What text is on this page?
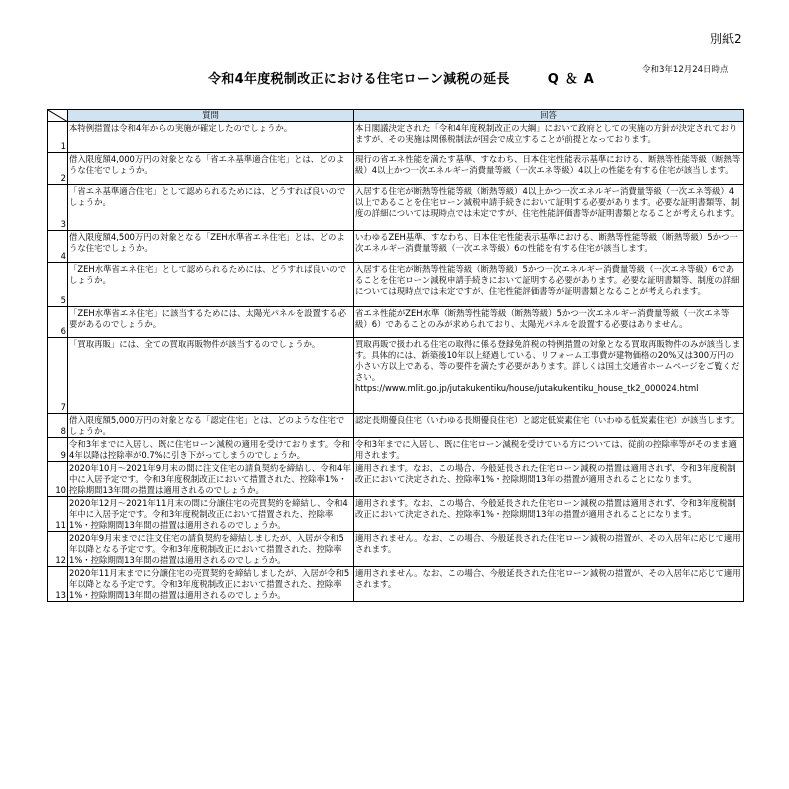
別紙2
令和3年12月24日時点
令和4年度税制改正における住宅ローン減税の延長	Q＆A
	質問	回答
1	本特例措置は令和4年からの実施が確定したのでしょうか。	本日閣議決定された「令和4年度税制改正の大綱」において政府としての実施の方針が決定されておりますが、その実施は関係税制法が国会で成立することが前提となっております。
2	借入限度額4,000万円の対象となる「省エネ基準適合住宅」とは、どのような住宅でしょうか。	現行の省エネ性能を満たす基準、すなわち、日本住宅性能表示基準における、断熱等性能等級（断熱等級）4以上かつ一次エネルギー消費量等級（一次エネ等級）4以上の性能を有する住宅が該当します。
3	「省エネ基準適合住宅」として認められるためには、どうすれば良いのでしょうか。	入居する住宅が断熱等性能等級（断熱等級）4以上かつ一次エネルギー消費量等級（一次エネ等級）4以上であることを住宅ローン減税申請手続きにおいて証明する必要があります。必要な証明書類等、制度の詳細については現時点では未定ですが、住宅性能評価書等が証明書類となることが考えられます。
4	借入限度額4,500万円の対象となる「ZEH水準省エネ住宅」とは、どのような住宅でしょうか。	いわゆるZEH基準、すなわち、日本住宅性能表示基準における、断熱等性能等級（断熱等級）5かつ一次エネルギー消費量等級（一次エネ等級）6の性能を有する住宅が該当します。
5	「ZEH水準省エネ住宅」として認められるためには、どうすれば良いのでしょうか。	入居する住宅が断熱等性能等級（断熱等級）5かつ一次エネルギー消費量等級（一次エネ等級）6であることを住宅ローン減税申請手続きにおいて証明する必要があります。必要な証明書類等、制度の詳細については現時点では未定ですが、住宅性能評価書等が証明書類となることが考えられます。
6	「ZEH水準省エネ住宅」に該当するためには、太陽光パネルを設置する必要があるのでしょうか。	省エネ性能がZEH水準（断熱等性能等級（断熱等級）5かつ一次エネルギー消費量等級（一次エネ等級）6）であることのみが求められており、太陽光パネルを設置する必要はありません。
7	「買取再販」には、全ての買取再販物件が該当するのでしょうか。	買取再販で扱われる住宅の取得に係る登録免許税の特例措置の対象となる買取再販物件のみが該当します。具体的には、新築後10年以上経過している、リフォーム工事費が建物価格の20%又は300万円の小さい方以上である、等の要件を満たす必要があります。詳しくは国土交通省ホームページをご覧ください。
https://www.mlit.go.jp/jutakukentiku/house/jutakukentiku_house_tk2_000024.html

8	借入限度額5,000万円の対象となる「認定住宅」とは、どのような住宅でしょうか。	認定長期優良住宅（いわゆる長期優良住宅）と認定低炭素住宅（いわゆる低炭素住宅）が該当します。
9	令和3年までに入居し、既に住宅ローン減税の適用を受けております。令和4年以降は控除率が0.7%に引き下がってしまうのでしょうか。	令和3年までに入居し、既に住宅ローン減税を受けている方については、従前の控除率等がそのまま適用されます。
10	2020年10月～2021年9月末の間に注文住宅の請負契約を締結し、令和4年中に入居予定です。令和3年度税制改正において措置された、控除率1%・控除期間13年間の措置は適用されるのでしょうか。	適用されます。なお、この場合、今般延長された住宅ローン減税の措置は適用されず、令和3年度税制改正において決定された、控除率1%・控除期間13年の措置が適用されることになります。
11	2020年12月～2021年11月末の間に分譲住宅の売買契約を締結し、令和4年中に入居予定です。令和3年度税制改正において措置された、控除率1%・控除期間13年間の措置は適用されるのでしょうか。	適用されます。なお、この場合、今般延長された住宅ローン減税の措置は適用されず、令和3年度税制改正において決定された、控除率1%・控除期間13年の措置が適用されることになります。
12	2020年9月末までに注文住宅の請負契約を締結しましたが、入居が令和5年以降となる予定です。令和3年度税制改正において措置された、控除率1%・控除期間13年間の措置は適用されるのでしょうか。	適用されません。なお、この場合、今般延長された住宅ローン減税の措置が、その入居年に応じて適用されます。
13	2020年11月末までに分譲住宅の売買契約を締結しましたが、入居が令和5年以降となる予定です。令和3年度税制改正において措置された、控除率1%・控除期間13年間の措置は適用されるのでしょうか。	適用されません。なお、この場合、今般延長された住宅ローン減税の措置が、その入居年に応じて適用されます。
